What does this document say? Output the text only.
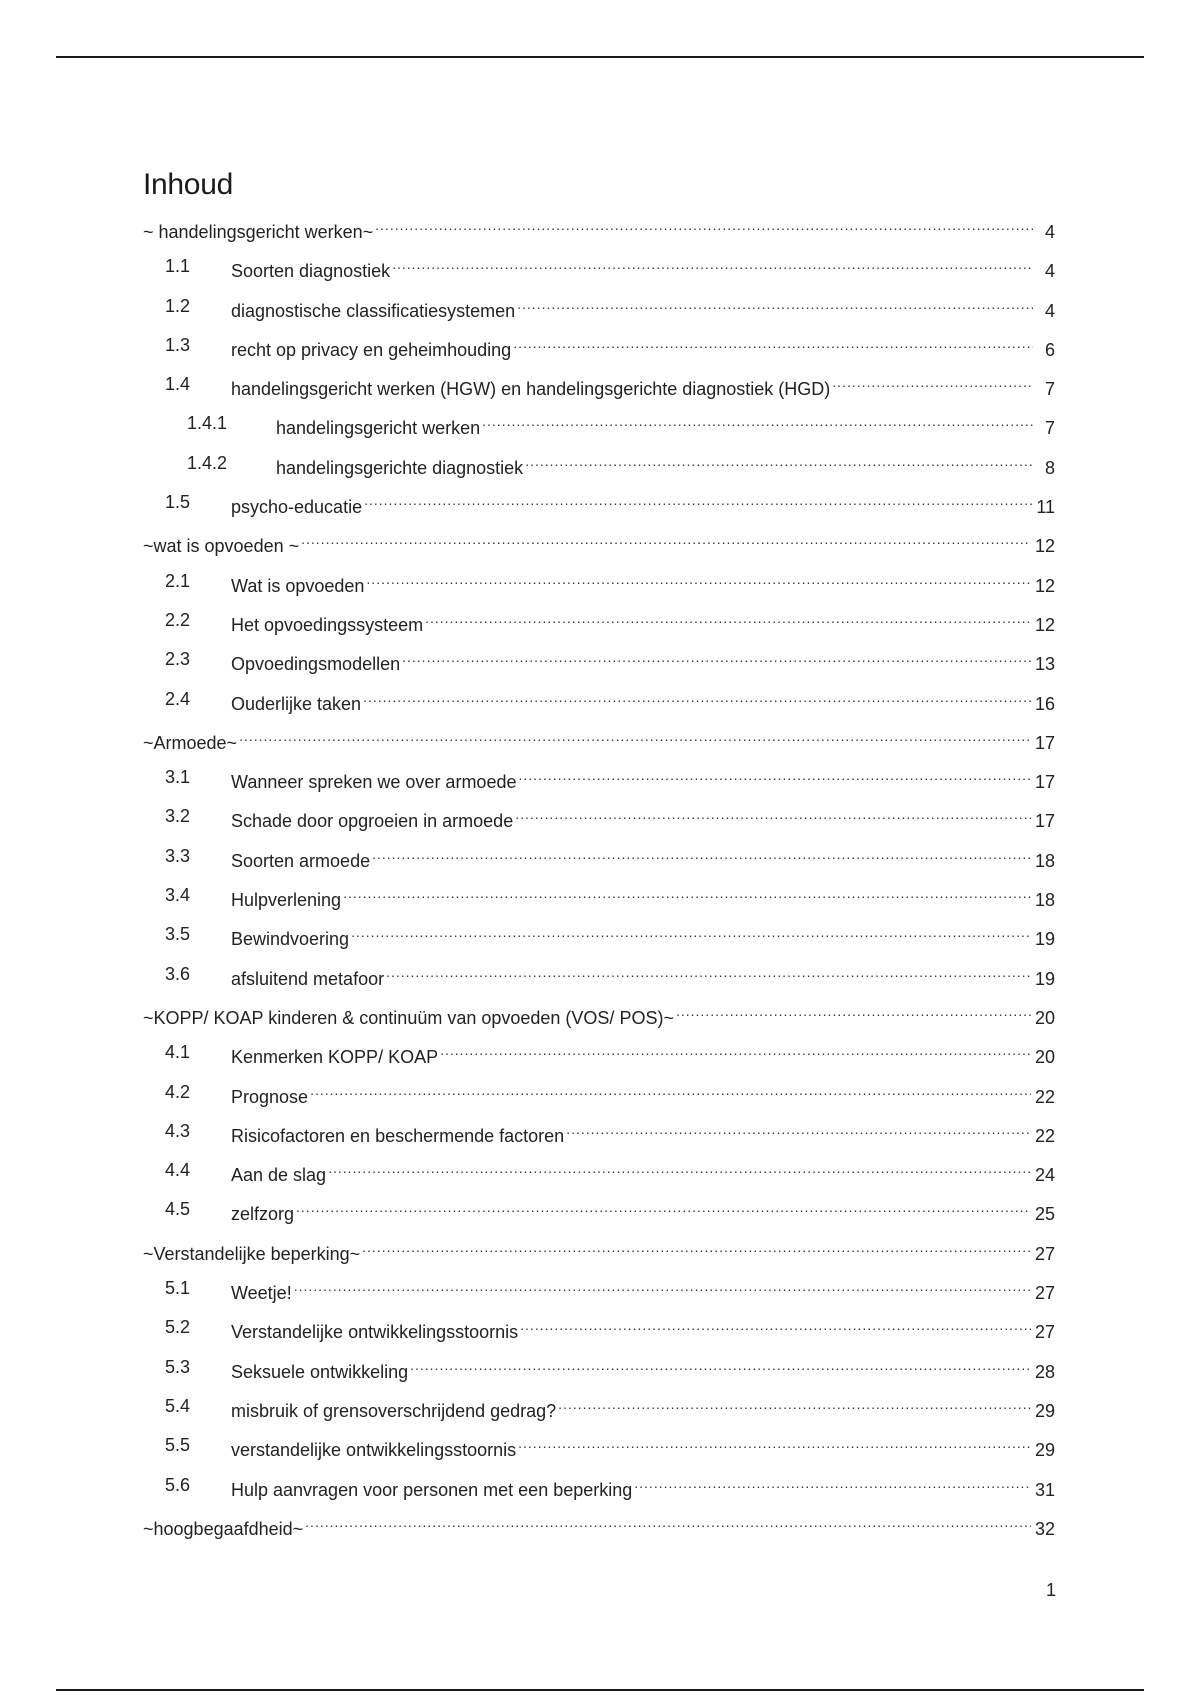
Inhoud
~ handelingsgericht werken~ .....	4
1.1 Soorten diagnostiek .....	4
1.2 diagnostische classificatiesystemen .....	4
1.3 recht op privacy en geheimhouding .....	6
1.4 handelingsgericht werken (HGW) en handelingsgerichte diagnostiek (HGD) .....	7
1.4.1	handelingsgericht werken .....	7
1.4.2	handelingsgerichte diagnostiek .....	8
1.5 psycho-educatie .....	11
~wat is opvoeden ~ .....	12
2.1 Wat is opvoeden .....	12
2.2 Het opvoedingssysteem .....	12
2.3 Opvoedingsmodellen .....	13
2.4 Ouderlijke taken .....	16
~Armoede~ .....	17
3.1 Wanneer spreken we over armoede .....	17
3.2 Schade door opgroeien in armoede .....	17
3.3 Soorten armoede .....	18
3.4 Hulpverlening .....	18
3.5 Bewindvoering .....	19
3.6 afsluitend metafoor .....	19
~KOPP/ KOAP kinderen & continuüm van opvoeden (VOS/ POS)~ .....	20
4.1 Kenmerken KOPP/ KOAP .....	20
4.2 Prognose .....	22
4.3 Risicofactoren en beschermende factoren .....	22
4.4 Aan de slag .....	24
4.5 zelfzorg .....	25
~Verstandelijke beperking~ .....	27
5.1 Weetje! .....	27
5.2 Verstandelijke ontwikkelingsstoornis .....	27
5.3 Seksuele ontwikkeling .....	28
5.4 misbruik of grensoverschrijdend gedrag? .....	29
5.5 verstandelijke ontwikkelingsstoornis .....	29
5.6 Hulp aanvragen voor personen met een beperking .....	31
~hoogbegaafdheid~ .....	32
1
